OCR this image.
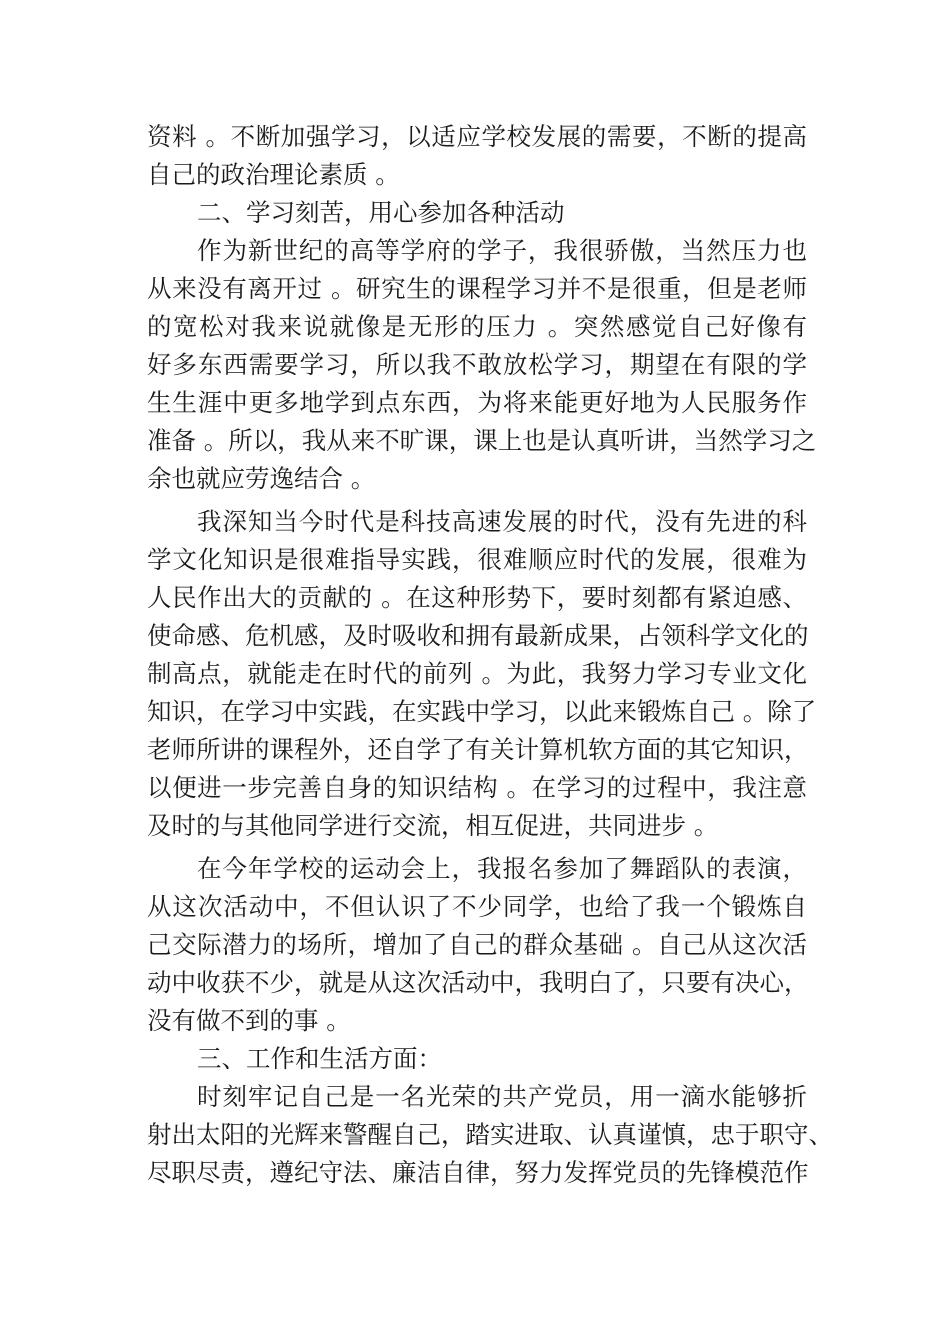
资料 。不断加强学习，以适应学校发展的需要，不断的提高
自己的政治理论素质 。
二、学习刻苦，用心参加各种活动
作为新世纪的高等学府的学子，我很骄傲，当然压力也
从来没有离开过 。研究生的课程学习并不是很重，但是老师
的宽松对我来说就像是无形的压力 。突然感觉自己好像有
好多东西需要学习，所以我不敢放松学习，期望在有限的学
生生涯中更多地学到点东西，为将来能更好地为人民服务作
准备 。所以，我从来不旷课，课上也是认真听讲，当然学习之
余也就应劳逸结合 。
我深知当今时代是科技高速发展的时代，没有先进的科
学文化知识是很难指导实践，很难顺应时代的发展，很难为
人民作出大的贡献的 。在这种形势下，要时刻都有紧迫感、
使命感、危机感，及时吸收和拥有最新成果，占领科学文化的
制高点，就能走在时代的前列 。为此，我努力学习专业文化
知识，在学习中实践，在实践中学习，以此来锻炼自己 。除了
老师所讲的课程外，还自学了有关计算机软方面的其它知识，
以便进一步完善自身的知识结构 。在学习的过程中，我注意
及时的与其他同学进行交流，相互促进，共同进步 。
在今年学校的运动会上，我报名参加了舞蹈队的表演，
从这次活动中，不但认识了不少同学，也给了我一个锻炼自
己交际潜力的场所，增加了自己的群众基础 。自己从这次活
动中收获不少，就是从这次活动中，我明白了，只要有决心，
没有做不到的事 。
三、工作和生活方面：
时刻牢记自己是一名光荣的共产党员，用一滴水能够折
射出太阳的光辉来警醒自己，踏实进取、认真谨慎，忠于职守、
尽职尽责，遵纪守法、廉洁自律，努力发挥党员的先锋模范作
